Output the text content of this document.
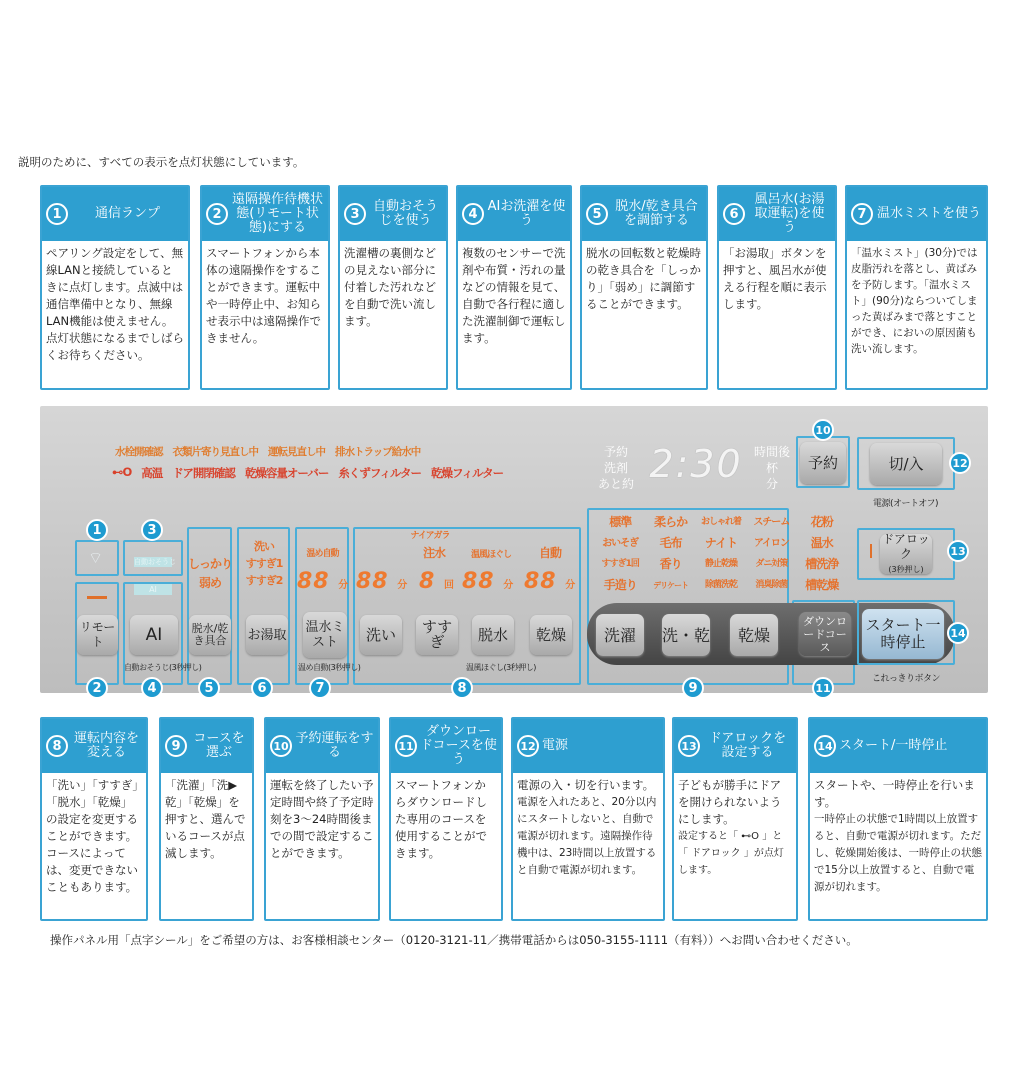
説明のために、すべての表示を点灯状態にしています。
1	通信ランプ
ペアリング設定をして、無線LANと接続しているときに点灯します。点滅中は通信準備中となり、無線LAN機能は使えません。点灯状態になるまでしばらくお待ちください。
2
遠隔操作待機状態(リモート状態)にする
スマートフォンから本体の遠隔操作をすることができます。運転中や一時停止中、お知らせ表示中は遠隔操作できません。
3	自動おそうじを使う
洗濯槽の裏側などの見えない部分に付着した汚れなどを自動で洗い流します。
4 AIお洗濯を使う
複数のセンサーで洗剤や布質・汚れの量などの情報を見て、自動で各行程に適した洗濯制御で運転します。
5	脱水/乾き具合を調節する
脱水の回転数と乾燥時の乾き具合を「しっかり」「弱め」に調節することができます。
6
風呂水(お湯取運転)を使う
「お湯取」ボタンを押すと、風呂水が使える行程を順に表示します。
7 温水ミストを使う
「温水ミスト」(30分)では皮脂汚れを落とし、黄ばみを予防します。「温水ミスト」(90分)ならついてしまった黄ばみまで落とすことができ、においの原因菌も洗い流します。
水栓開確認 衣類片寄り見直し中 運転見直し中 排水トラップ給水中
⊷O 高温 ドア開閉確認 乾燥容量オーバー 糸くずフィルター 乾燥フィルター
⌔	自動おそうじ
AI
しっかり
弱め
洗い
すすぎ1
すすぎ2
温め自動
88 分
ナイアガラ
注水	温風ほぐし	自動
88 分 8 回 88 分 88 分
リモート	AI	脱水/乾き具合	お湯取 温水ミスト	洗い	すすぎ	脱水	乾燥
自動おそうじ(3秒押し)	温め自動(3秒押し)	温風ほぐし(3秒押し)
予約
洗剤
あと約 2:30 時間後
杯
分
予約	切/入
電源(オートオフ)
ドアロック
(3秒押し)
標準	柔らか	おしゃれ着	スチーム	花粉
おいそぎ	毛布	ナイト	アイロン	温水
すすぎ1回	香り	静止乾燥	ダニ対策	槽洗浄
手造り	デリケート	除菌洗乾	消臭除菌	槽乾燥
洗濯	洗・乾	乾燥
ダウンロードコース
スタート一時停止
これっきりボタン
1	3
2	4	5	6	7	8	9
10
11
12
13
14
8 運転内容を変える
「洗い」「すすぎ」「脱水」「乾燥」の設定を変更することができます。コースによっては、変更できないこともあります。
9 コースを選ぶ
「洗濯」「洗▶乾」「乾燥」を押すと、選んでいるコースが点滅します。
10 予約運転をする
運転を終了したい予定時間や終了予定時刻を3～24時間後までの間で設定することができます。
11
ダウンロードコースを使う
スマートフォンからダウンロードした専用のコースを使用することができます。
12 電源
電源の入・切を行います。
電源を入れたあと、20分以内にスタートしないと、自動で電源が切れます。遠隔操作待機中は、23時間以上放置すると自動で電源が切れます。
13 ドアロックを設定する
子どもが勝手にドアを開けられないようにします。
設定すると「 ⊷O 」と「 ドアロック 」が点灯します。
14 スタート/一時停止
スタートや、一時停止を行います。
一時停止の状態で1時間以上放置すると、自動で電源が切れます。ただし、乾燥開始後は、一時停止の状態で15分以上放置すると、自動で電源が切れます。
操作パネル用「点字シール」をご希望の方は、お客様相談センター（0120-3121-11／携帯電話からは050-3155-1111（有料））へお問い合わせください。
